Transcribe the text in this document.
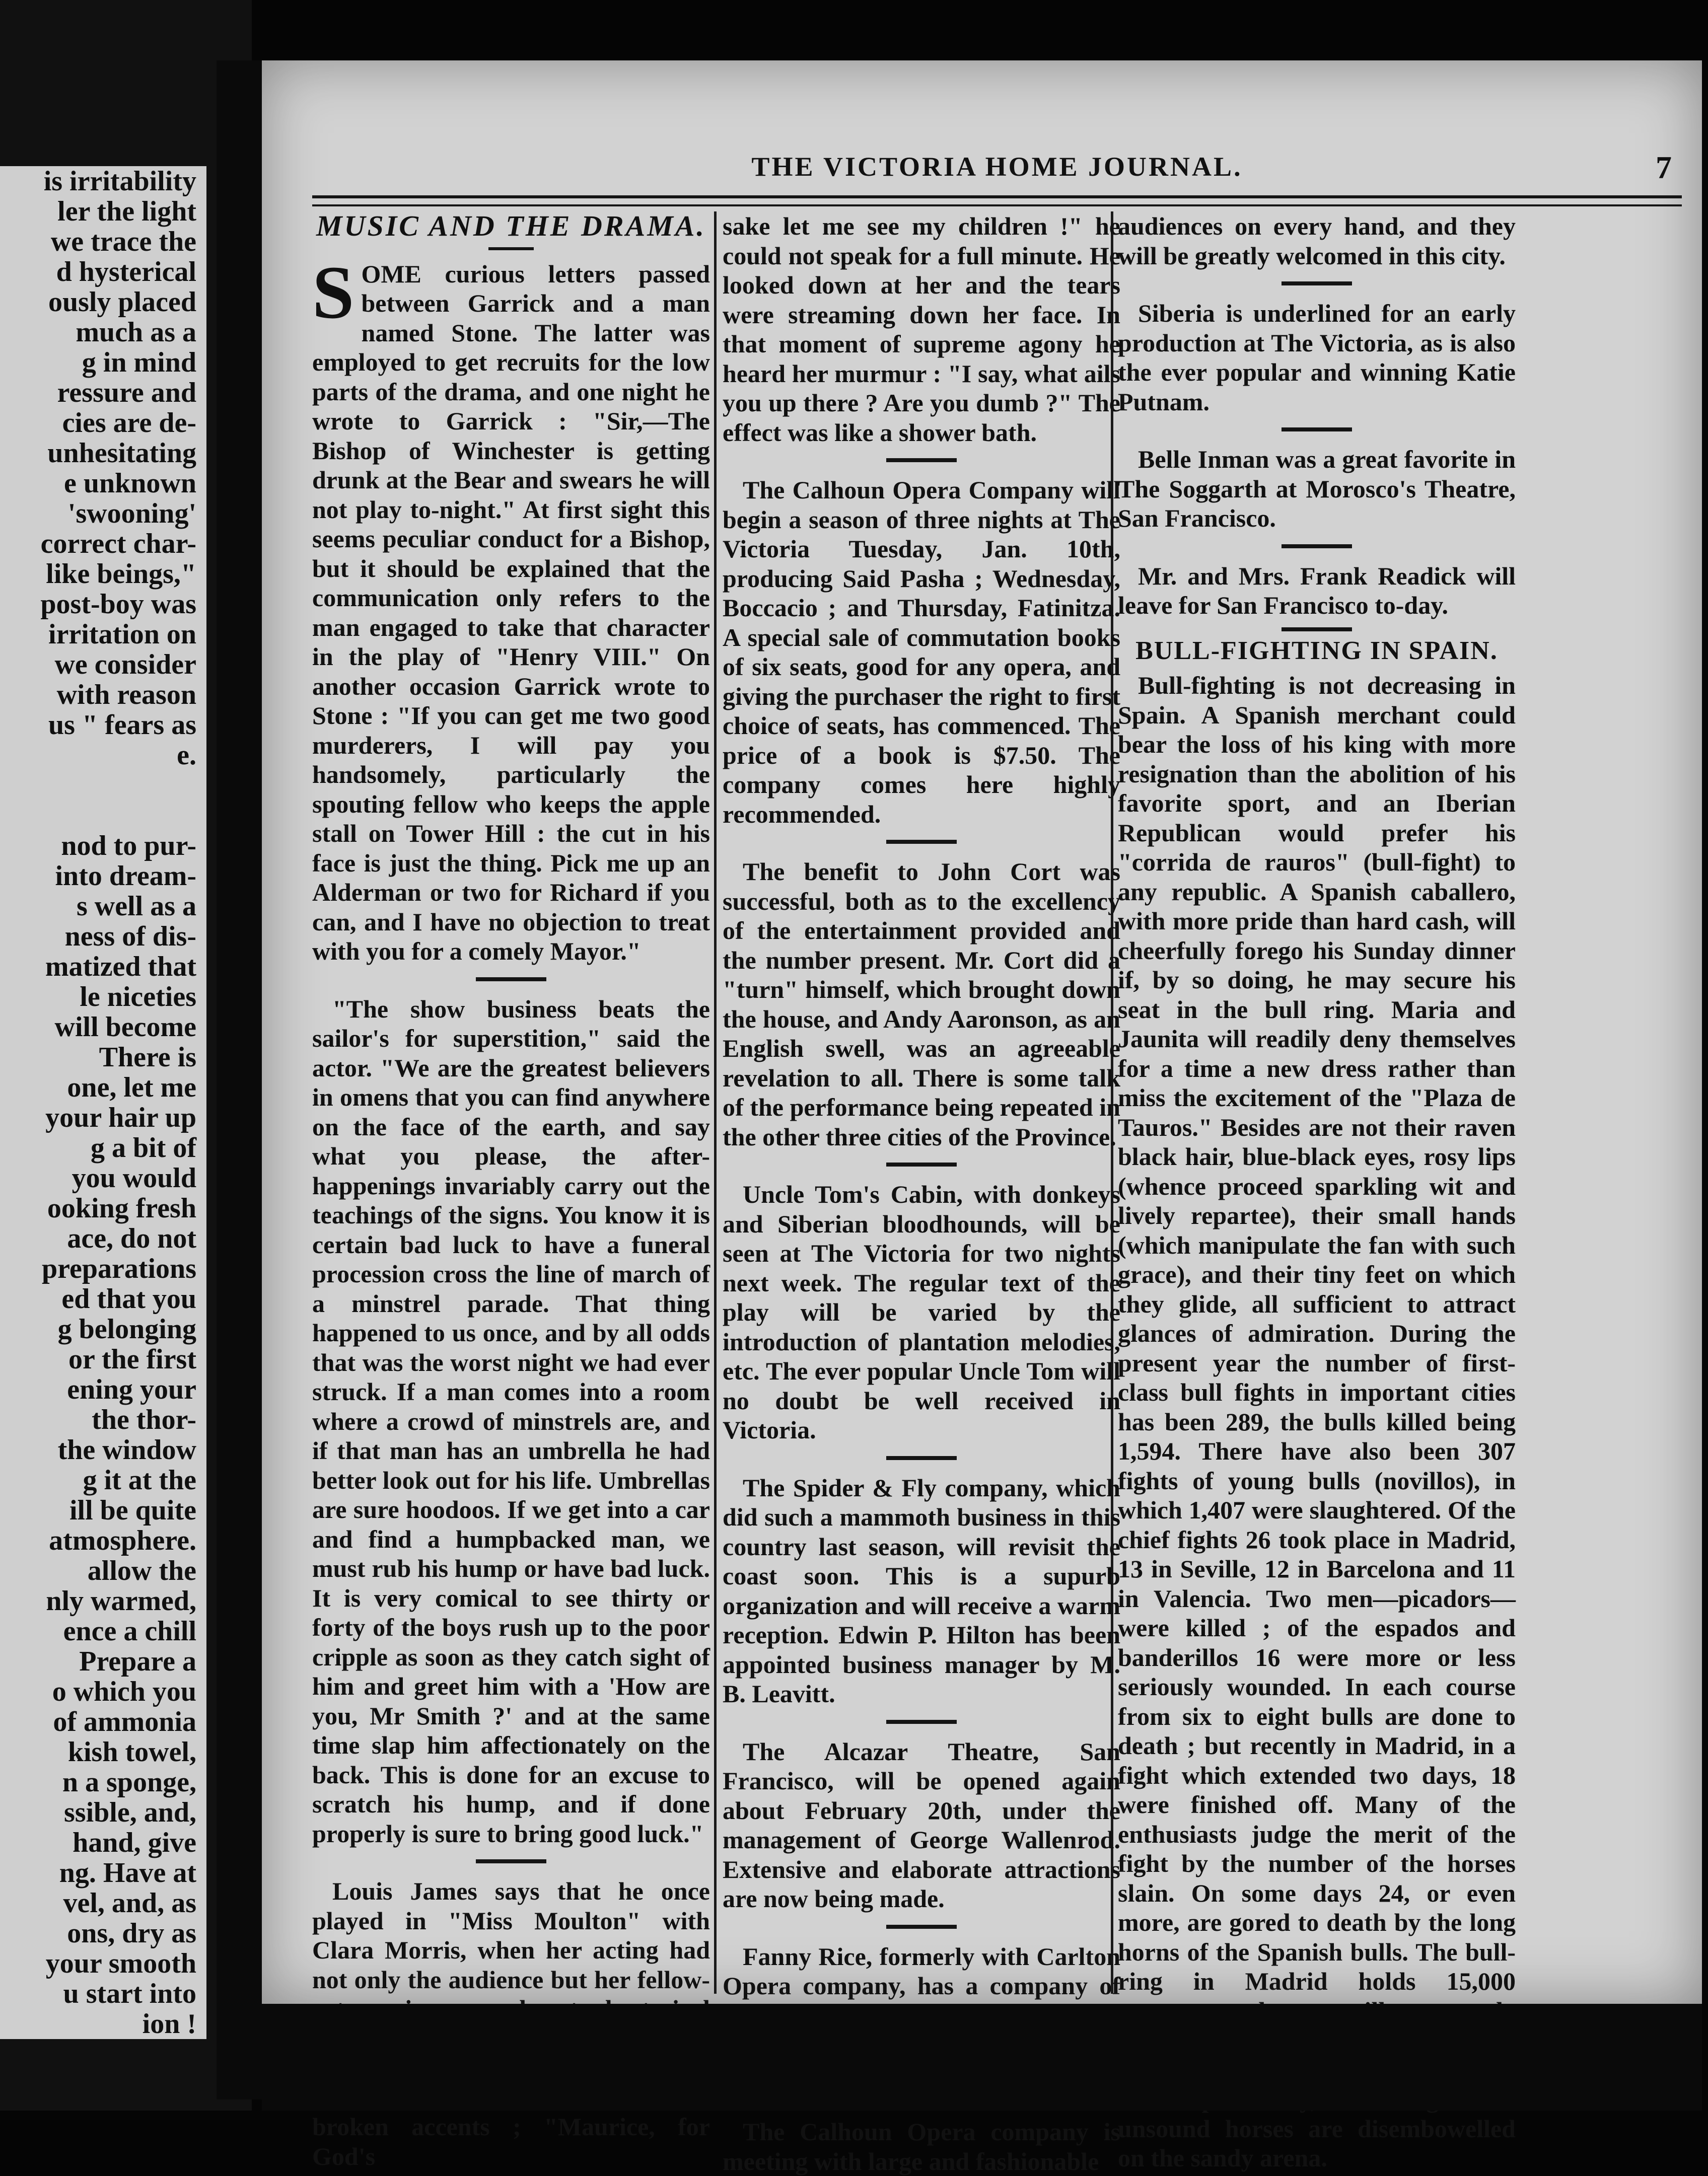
is irritability
ler the light
we trace the
d hysterical
ously placed
much as a
g in mind
ressure and
cies are de-
unhesitating
e unknown
'swooning'
correct char-
like beings,"
post-boy was
irritation on
we consider
with reason
us " fears as
e.
nod to pur-
into dream-
s well as a
ness of dis-
matized that
le niceties
will become
There is
one, let me
your hair up
g a bit of
you would
ooking fresh
ace, do not
preparations
ed that you
g belonging
or the first
ening your
the thor-
the window
g it at the
ill be quite
atmosphere.
allow the
nly warmed,
ence a chill
Prepare a
o which you
of ammonia
kish towel,
n a sponge,
ssible, and,
hand, give
ng. Have at
vel, and, as
ons, dry as
your smooth
u start into
ion !
THE VICTORIA HOME JOURNAL.	7
MUSIC AND THE DRAMA.

SOME curious letters passed between Garrick and a man named Stone. The latter was employed to get recruits for the low parts of the drama, and one night he wrote to Garrick : "Sir,—The Bishop of Winchester is getting drunk at the Bear and swears he will not play to-night." At first sight this seems peculiar conduct for a Bishop, but it should be explained that the communication only refers to the man engaged to take that character in the play of "Henry VIII." On another occasion Garrick wrote to Stone : "If you can get me two good murderers, I will pay you handsomely, particularly the spouting fellow who keeps the apple stall on Tower Hill : the cut in his face is just the thing. Pick me up an Alderman or two for Richard if you can, and I have no objection to treat with you for a comely Mayor."

"The show business beats the sailor's for superstition," said the actor. "We are the greatest believers in omens that you can find anywhere on the face of the earth, and say what you please, the after-happenings invariably carry out the teachings of the signs. You know it is certain bad luck to have a funeral procession cross the line of march of a minstrel parade. That thing happened to us once, and by all odds that was the worst night we had ever struck. If a man comes into a room where a crowd of minstrels are, and if that man has an umbrella he had better look out for his life. Umbrellas are sure hoodoos. If we get into a car and find a humpbacked man, we must rub his hump or have bad luck. It is very comical to see thirty or forty of the boys rush up to the poor cripple as soon as they catch sight of him and greet him with a 'How are you, Mr Smith ?' and at the same time slap him affectionately on the back. This is done for an excuse to scratch his hump, and if done properly is sure to bring good luck."

Louis James says that he once played in "Miss Moulton" with Clara Morris, when her acting had not only the audience but her fellow- broken accents ; "Maurice, for God's

sake let me see my children !" he could not speak for a full minute. He looked down at her and the tears were streaming down her face. In that moment of supreme agony he heard her murmur : "I say, what ails you up there ? Are you dumb ?" The effect was like a shower bath.

The Calhoun Opera Company will begin a season of three nights at The Victoria Tuesday, Jan. 10th, producing Said Pasha ; Wednesday, Boccacio ; and Thursday, Fatinitza. A special sale of commutation books of six seats, good for any opera, and giving the purchaser the right to first choice of seats, has commenced. The price of a book is $7.50. The company comes here highly recommended.

The benefit to John Cort was successful, both as to the excellency of the entertainment provided and the number present. Mr. Cort did a "turn" himself, which brought down the house, and Andy Aaronson, as an English swell, was an agreeable revelation to all. There is some talk of the performance being repeated in the other three cities of the Province.

Uncle Tom's Cabin, with donkeys and Siberian bloodhounds, will be seen at The Victoria for two nights next week. The regular text of the play will be varied by the introduction of plantation melodies, etc. The ever popular Uncle Tom will no doubt be well received in Victoria.

The Spider & Fly company, which did such a mammoth business in this country last season, will revisit the coast soon. This is a supurb organization and will receive a warm reception. Edwin P. Hilton has been appointed business manager by M. B. Leavitt.

The Alcazar Theatre, San Francisco, will be opened again about February 20th, under the management of George Wallenrod. Extensive and elaborate attractions are now being made.

Fanny Rice, formerly with Carlton Opera company, has a company of

The Calhoun Opera company is meeting with large and fashionable

audiences on every hand, and they will be greatly welcomed in this city.

Siberia is underlined for an early production at The Victoria, as is also the ever popular and winning Katie Putnam.

Belle Inman was a great favorite in The Soggarth at Morosco's Theatre, San Francisco.

Mr. and Mrs. Frank Readick will leave for San Francisco to-day.

BULL-FIGHTING IN SPAIN.

Bull-fighting is not decreasing in Spain. A Spanish merchant could bear the loss of his king with more resignation than the abolition of his favorite sport, and an Iberian Republican would prefer his "corrida de rauros" (bull-fight) to any republic. A Spanish caballero, with more pride than hard cash, will cheerfully forego his Sunday dinner if, by so doing, he may secure his seat in the bull ring. Maria and Jaunita will readily deny themselves for a time a new dress rather than miss the excitement of the "Plaza de Tauros." Besides are not their raven black hair, blue-black eyes, rosy lips (whence proceed sparkling wit and lively repartee), their small hands (which manipulate the fan with such grace), and their tiny feet on which they glide, all sufficient to attract glances of admiration. During the present year the number of first-class bull fights in important cities has been 289, the bulls killed being 1,594. There have also been 307 fights of young bulls (novillos), in which 1,407 were slaughtered. Of the chief fights 26 took place in Madrid, 13 in Seville, 12 in Barcelona and 11 in Valencia. Two men—picadors—were killed ; of the espados and banderillos 16 were more or less seriously wounded. In each course from six to eight bulls are done to death ; but recently in Madrid, in a fight which extended two days, 18 were finished off. Many of the enthusiasts judge the merit of the fight by the number of the horses slain. On some days 24, or even more, are gored to death by the long horns of the Spanish bulls. The bull-ring in Madrid holds 15,000 unsound horses are disembowelled on the sandy arena.
